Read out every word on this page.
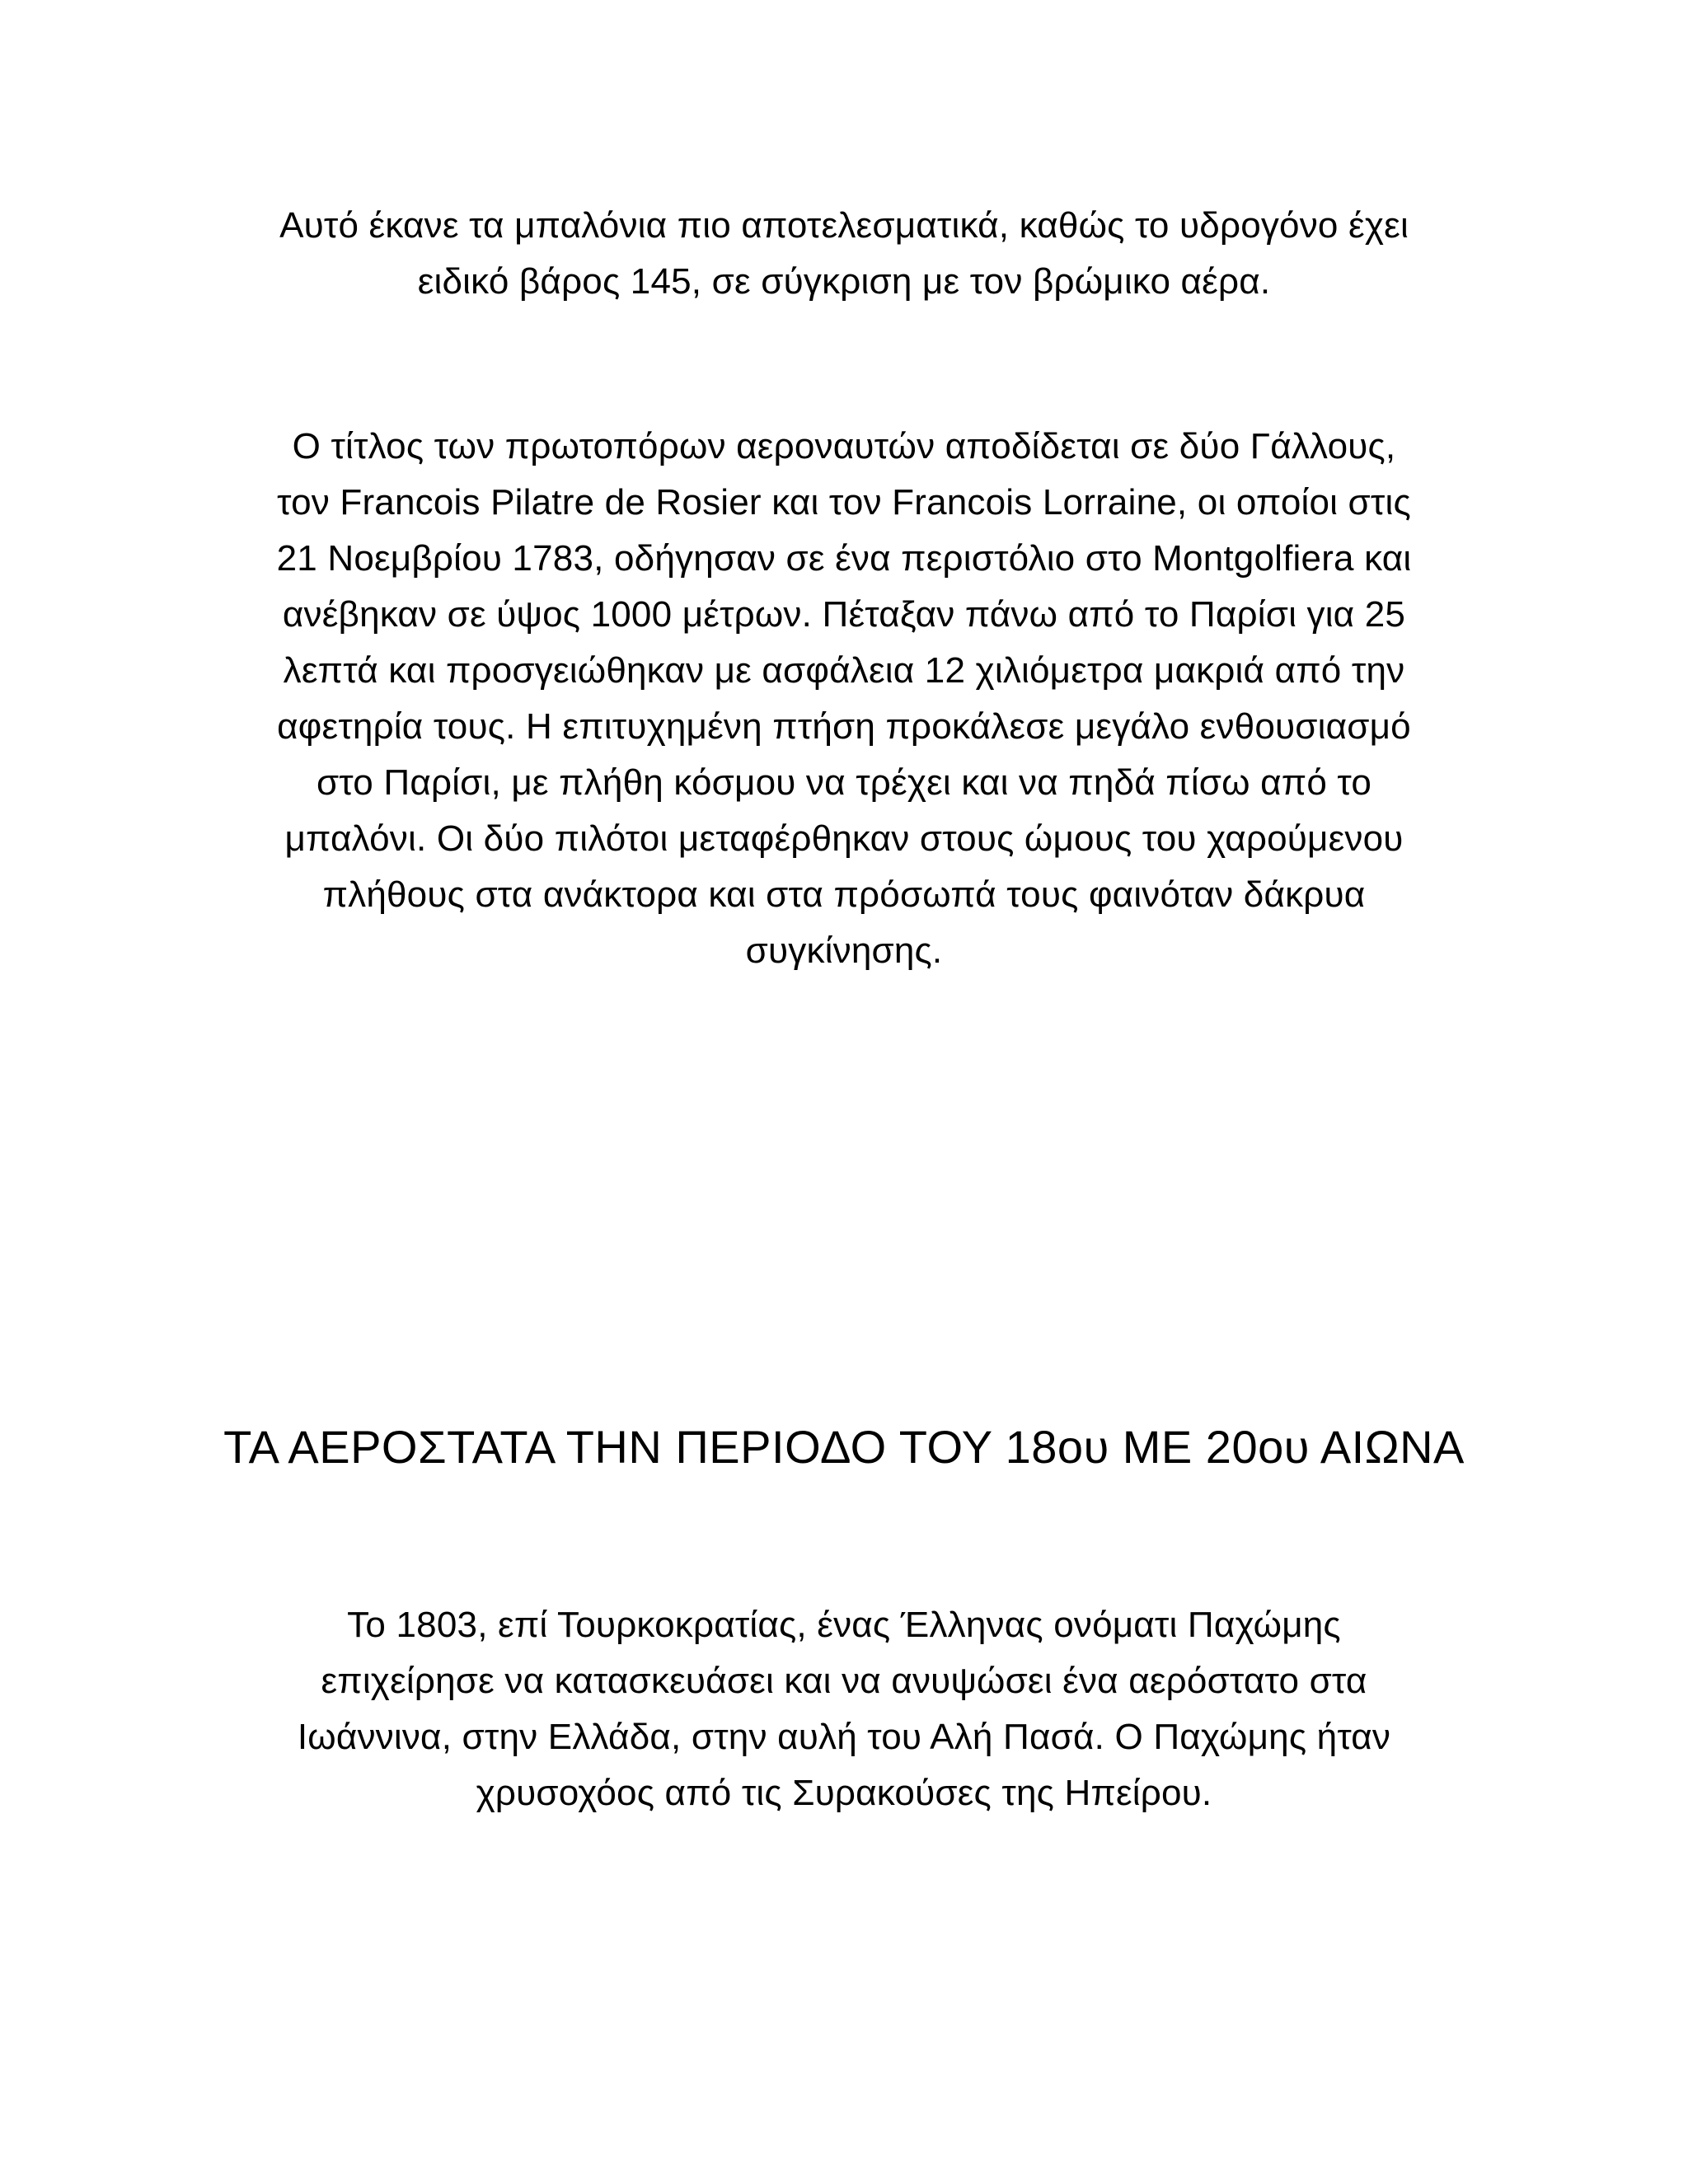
Αυτό έκανε τα μπαλόνια πιο αποτελεσματικά, καθώς το υδρογόνο έχει
ειδικό βάρος 145, σε σύγκριση με τον βρώμικο αέρα.

Ο τίτλος των πρωτοπόρων αεροναυτών αποδίδεται σε δύο Γάλλους,
τον Francois Pilatre de Rosier και τον Francois Lorraine, οι οποίοι στις
21 Νοεμβρίου 1783, οδήγησαν σε ένα περιστόλιο στο Montgolfiera και
ανέβηκαν σε ύψος 1000 μέτρων. Πέταξαν πάνω από το Παρίσι για 25
λεπτά και προσγειώθηκαν με ασφάλεια 12 χιλιόμετρα μακριά από την
αφετηρία τους. Η επιτυχημένη πτήση προκάλεσε μεγάλο ενθουσιασμό
στο Παρίσι, με πλήθη κόσμου να τρέχει και να πηδά πίσω από το
μπαλόνι. Οι δύο πιλότοι μεταφέρθηκαν στους ώμους του χαρούμενου
πλήθους στα ανάκτορα και στα πρόσωπά τους φαινόταν δάκρυα
συγκίνησης.

ΤΑ ΑΕΡΟΣΤΑΤΑ ΤΗΝ ΠΕΡΙΟΔΟ ΤΟΥ 18ου ΜΕ 20ου ΑΙΩΝΑ

Το 1803, επί Τουρκοκρατίας, ένας Έλληνας ονόματι Παχώμης
επιχείρησε να κατασκευάσει και να ανυψώσει ένα αερόστατο στα
Ιωάννινα, στην Ελλάδα, στην αυλή του Αλή Πασά. Ο Παχώμης ήταν
χρυσοχόος από τις Συρακούσες της Ηπείρου.
